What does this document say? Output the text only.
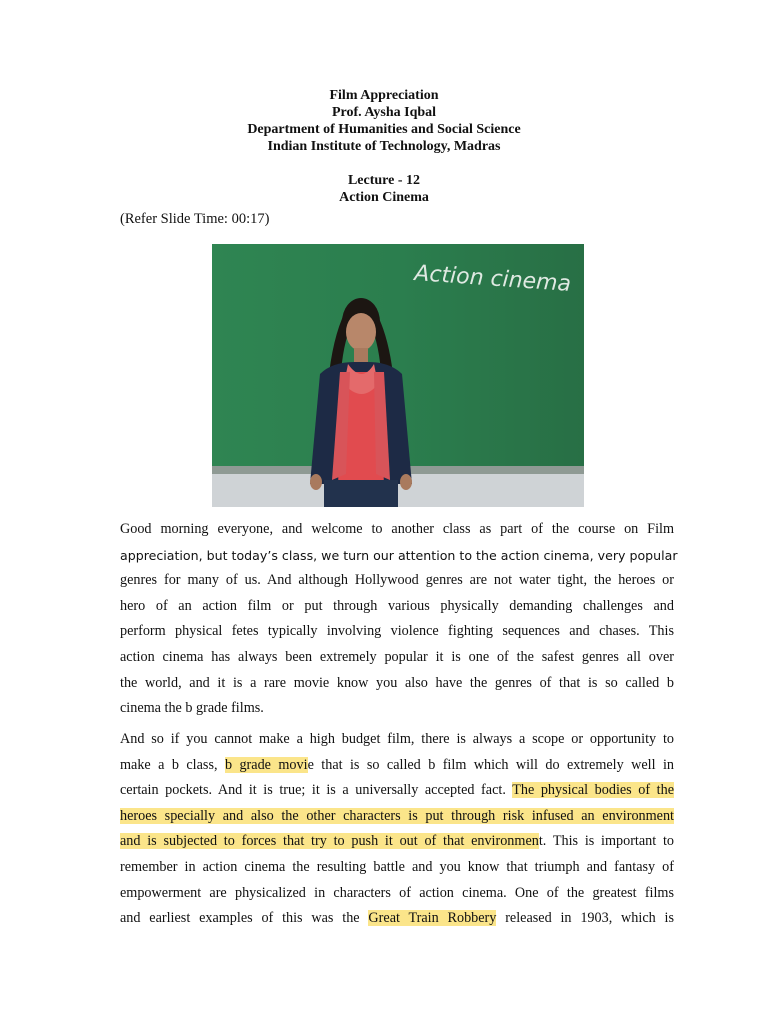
Film Appreciation
Prof. Aysha Iqbal
Department of Humanities and Social Science
Indian Institute of Technology, Madras
Lecture - 12
Action Cinema
(Refer Slide Time: 00:17)
Action cinema
Good morning everyone, and welcome to another class as part of the course on Film
appreciation, but today’s class, we turn our attention to the action cinema, very popular
genres for many of us. And although Hollywood genres are not water tight, the heroes or
hero of an action film or put through various physically demanding challenges and
perform physical fetes typically involving violence fighting sequences and chases. This
action cinema has always been extremely popular it is one of the safest genres all over
the world, and it is a rare movie know you also have the genres of that is so called b
cinema the b grade films.
And so if you cannot make a high budget film, there is always a scope or opportunity to
make a b class, b grade movie that is so called b film which will do extremely well in
certain pockets. And it is true; it is a universally accepted fact. The physical bodies of the
heroes specially and also the other characters is put through risk infused an environment
and is subjected to forces that try to push it out of that environment. This is important to
remember in action cinema the resulting battle and you know that triumph and fantasy of
empowerment are physicalized in characters of action cinema. One of the greatest films
and earliest examples of this was the Great Train Robbery released in 1903, which is
